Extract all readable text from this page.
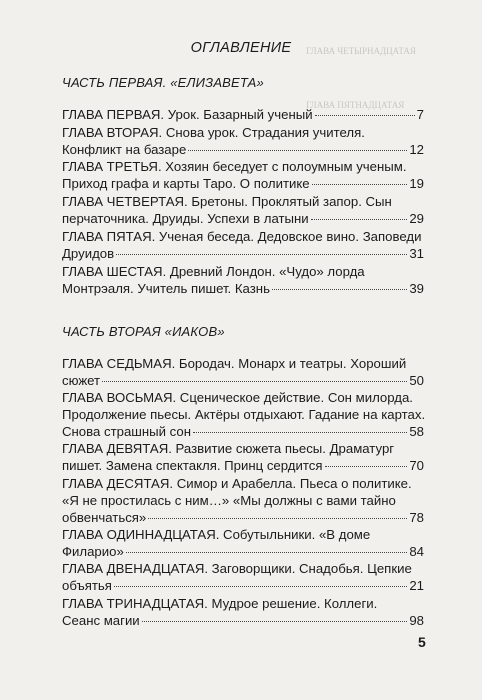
ГЛАВА ЧЕТЫРНАДЦАТАЯ
ГЛАВА ПЯТНАДЦАТАЯ
ОГЛАВЛЕНИЕ
ЧАСТЬ ПЕРВАЯ. «ЕЛИЗАВЕТА»
ГЛАВА ПЕРВАЯ. Урок. Базарный ученый	7
ГЛАВА ВТОРАЯ. Снова урок. Страдания учителя.
Конфликт на базаре	12
ГЛАВА ТРЕТЬЯ. Хозяин беседует с полоумным ученым.
Приход графа и карты Таро. О политике	19
ГЛАВА ЧЕТВЕРТАЯ. Бретоны. Проклятый запор. Сын
перчаточника. Друиды. Успехи в латыни	29
ГЛАВА ПЯТАЯ. Ученая беседа. Дедовское вино. Заповеди
Друидов	31
ГЛАВА ШЕСТАЯ. Древний Лондон. «Чудо» лорда
Монтрэаля. Учитель пишет. Казнь	39
ЧАСТЬ ВТОРАЯ «ИАКОВ»
ГЛАВА СЕДЬМАЯ. Бородач. Монарх и театры. Хороший
сюжет	50
ГЛАВА ВОСЬМАЯ. Сценическое действие. Сон милорда.
Продолжение пьесы. Актёры отдыхают. Гадание на картах.
Снова страшный сон	58
ГЛАВА ДЕВЯТАЯ. Развитие сюжета пьесы. Драматург
пишет. Замена спектакля. Принц сердится	70
ГЛАВА ДЕСЯТАЯ. Симор и Арабелла. Пьеса о политике.
«Я не простилась с ним…» «Мы должны с вами тайно
обвенчаться»	78
ГЛАВА ОДИННАДЦАТАЯ. Собутыльники. «В доме
Филарио»	84
ГЛАВА ДВЕНАДЦАТАЯ. Заговорщики. Снадобья. Цепкие
объятья	21
ГЛАВА ТРИНАДЦАТАЯ. Мудрое решение. Коллеги.
Сеанс магии	98
5
